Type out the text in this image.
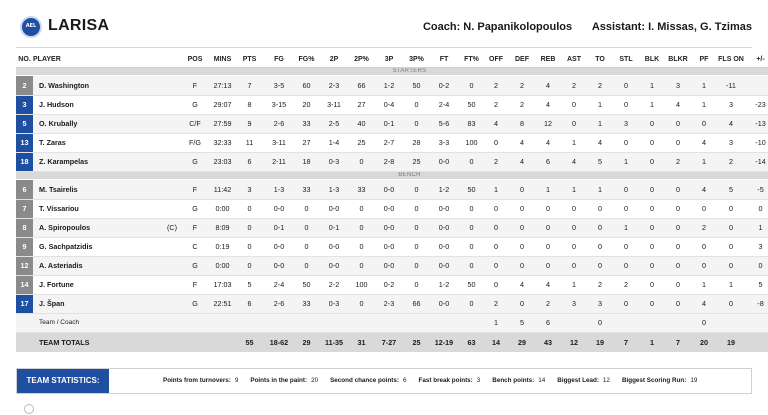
AEL LARISA	Coach: N. Papanikolopoulos Assistant: I. Missas, G. Tzimas
NO.	PLAYER	POS	MINS	PTS	FG	FG%	2P	2P%	3P	3P%	FT	FT%	OFF	DEF	REB	AST	TO	STL	BLK	BLKR	PF	FLS ON	+/-

STARTERS																							

2	D. Washington	F	27:13	7	3-5	60	2-3	66	1-2	50	0-2	0	2	2	4	2	2	0	1	3	1	-11	
3	J. Hudson	G	29:07	8	3-15	20	3-11	27	0-4	0	2-4	50	2	2	4	0	1	0	1	4	1	3	-23
5	O. Krubally	C/F	27:59	9	2-6	33	2-5	40	0-1	0	5-6	83	4	8	12	0	1	3	0	0	0	4	-13
13	T. Zaras	F/G	32:33	11	3-11	27	1-4	25	2-7	28	3-3	100	0	4	4	1	4	0	0	0	4	3	-10
18	Z. Karampelas	G	23:03	6	2-11	18	0-3	0	2-8	25	0-0	0	2	4	6	4	5	1	0	2	1	2	-14

BENCH																							

6	M. Tsairelis	F	11:42	3	1-3	33	1-3	33	0-0	0	1-2	50	1	0	1	1	1	0	0	0	4	5	-5
7	T. Vissariou	G	0:00	0	0-0	0	0-0	0	0-0	0	0-0	0	0	0	0	0	0	0	0	0	0	0	0
8	A. Spiropoulos (C)	F	8:09	0	0-1	0	0-1	0	0-0	0	0-0	0	0	0	0	0	0	1	0	0	2	0	1
9	G. Sachpatzidis	C	0:19	0	0-0	0	0-0	0	0-0	0	0-0	0	0	0	0	0	0	0	0	0	0	0	3
12	A. Asteriadis	G	0:00	0	0-0	0	0-0	0	0-0	0	0-0	0	0	0	0	0	0	0	0	0	0	0	0
14	J. Fortune	F	17:03	5	2-4	50	2-2	100	0-2	0	1-2	50	0	4	4	1	2	2	0	0	1	1	5
17	J. Špan	G	22:51	6	2-6	33	0-3	0	2-3	66	0-0	0	2	0	2	3	3	0	0	0	4	0	-8
	Team / Coach												1	5	6		0				0		
	TEAM TOTALS			55	18-62	29	11-35	31	7-27	25	12-19	63	14	29	43	12	19	7	1	7	20	19	
TEAM STATISTICS:	Points from turnovers: 9 Points in the paint: 20 Second chance points: 6 Fast break points: 3 Bench points: 14 Biggest Lead: 12 Biggest Scoring Run: 19
